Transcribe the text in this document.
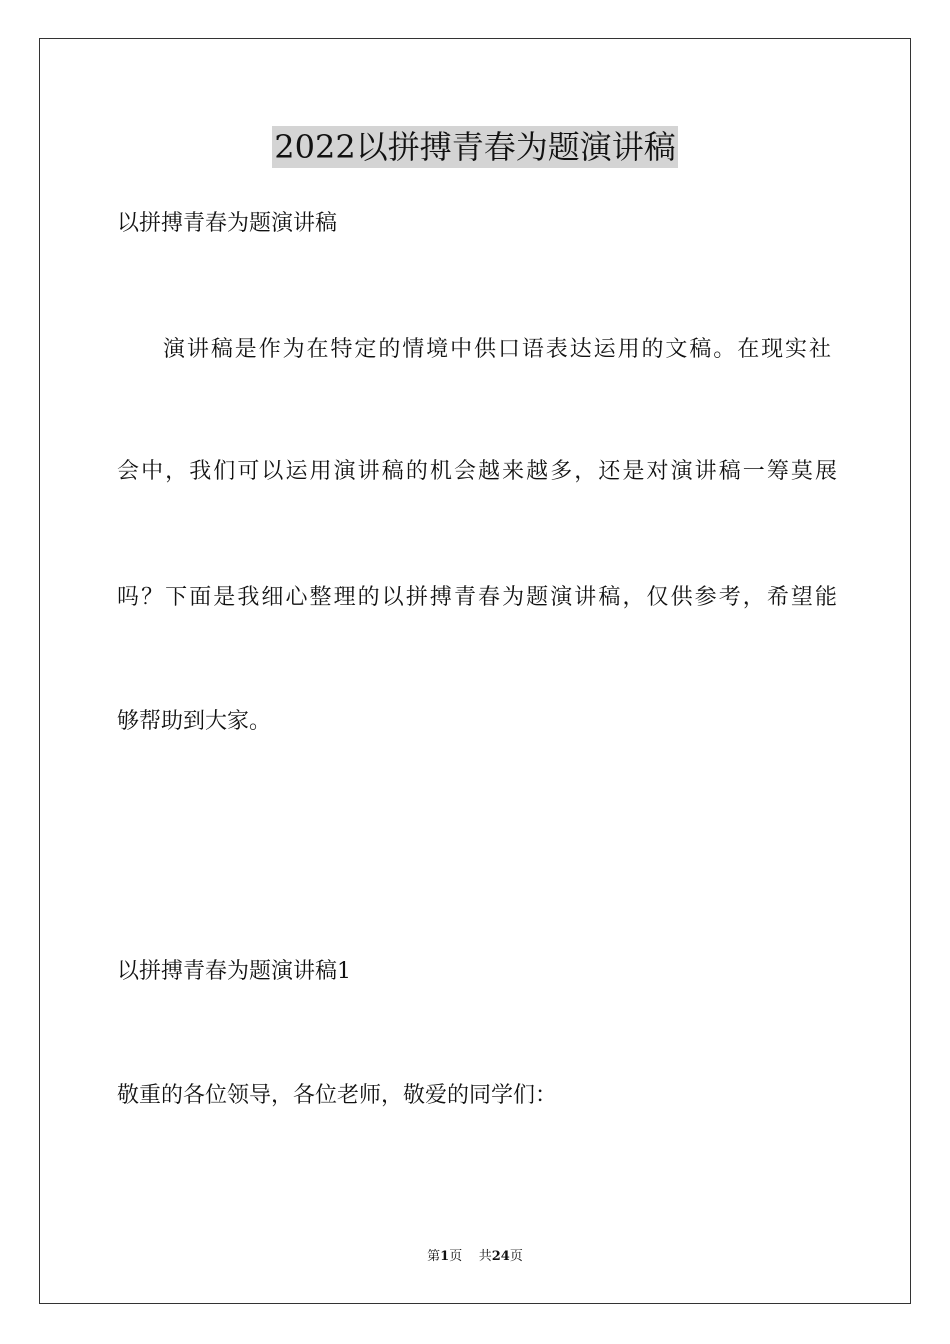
2022以拼搏青春为题演讲稿

以拼搏青春为题演讲稿

演讲稿是作为在特定的情境中供口语表达运用的文稿。在现实社

会中，我们可以运用演讲稿的机会越来越多，还是对演讲稿一筹莫展

吗？下面是我细心整理的以拼搏青春为题演讲稿，仅供参考，希望能

够帮助到大家。

以拼搏青春为题演讲稿1

敬重的各位领导，各位老师，敬爱的同学们：

第1页 共24页
